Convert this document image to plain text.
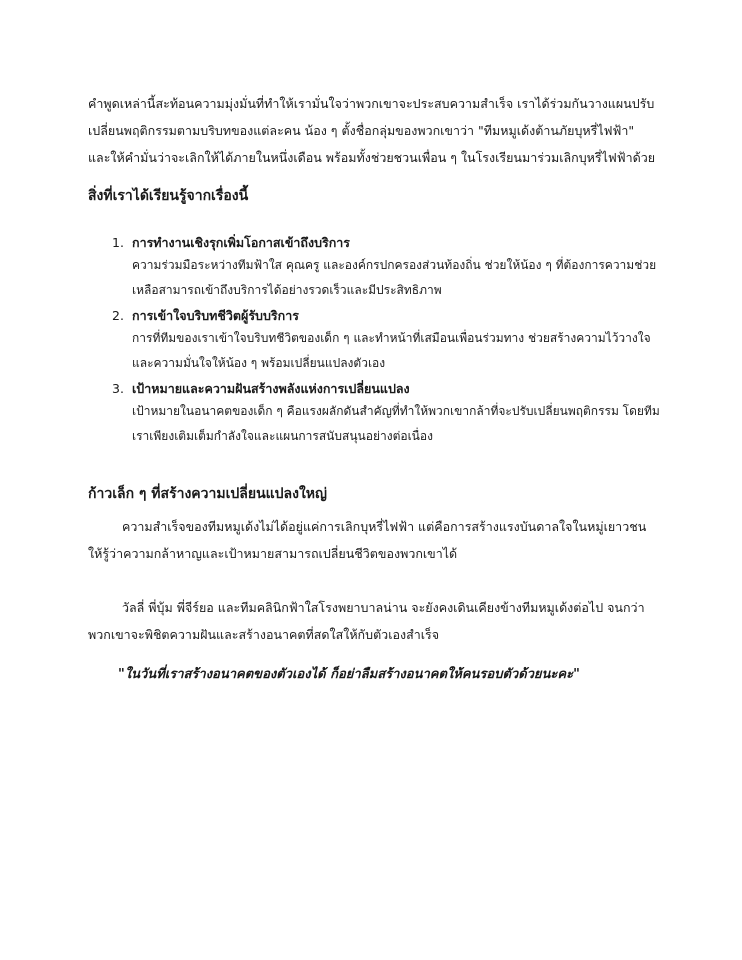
คำพูดเหล่านี้สะท้อนความมุ่งมั่นที่ทำให้เรามั่นใจว่าพวกเขาจะประสบความสำเร็จ เราได้ร่วมกันวางแผนปรับเปลี่ยนพฤติกรรมตามบริบทของแต่ละคน น้อง ๆ ตั้งชื่อกลุ่มของพวกเขาว่า "ทีมหมูเด้งต้านภัยบุหรี่ไฟฟ้า" และให้คำมั่นว่าจะเลิกให้ได้ภายในหนึ่งเดือน พร้อมทั้งช่วยชวนเพื่อน ๆ ในโรงเรียนมาร่วมเลิกบุหรี่ไฟฟ้าด้วย

สิ่งที่เราได้เรียนรู้จากเรื่องนี้
1. การทำงานเชิงรุกเพิ่มโอกาสเข้าถึงบริการ

ความร่วมมือระหว่างทีมฟ้าใส คุณครู และองค์กรปกครองส่วนท้องถิ่น ช่วยให้น้อง ๆ ที่ต้องการความช่วยเหลือสามารถเข้าถึงบริการได้อย่างรวดเร็วและมีประสิทธิภาพ

2. การเข้าใจบริบทชีวิตผู้รับบริการ

การที่ทีมของเราเข้าใจบริบทชีวิตของเด็ก ๆ และทำหน้าที่เสมือนเพื่อนร่วมทาง ช่วยสร้างความไว้วางใจและความมั่นใจให้น้อง ๆ พร้อมเปลี่ยนแปลงตัวเอง

3. เป้าหมายและความฝันสร้างพลังแห่งการเปลี่ยนแปลง

เป้าหมายในอนาคตของเด็ก ๆ คือแรงผลักดันสำคัญที่ทำให้พวกเขากล้าที่จะปรับเปลี่ยนพฤติกรรม โดยทีมเราเพียงเติมเต็มกำลังใจและแผนการสนับสนุนอย่างต่อเนื่อง

ก้าวเล็ก ๆ ที่สร้างความเปลี่ยนแปลงใหญ่

ความสำเร็จของทีมหมูเด้งไม่ได้อยู่แค่การเลิกบุหรี่ไฟฟ้า แต่คือการสร้างแรงบันดาลใจในหมู่เยาวชน ให้รู้ว่าความกล้าหาญและเป้าหมายสามารถเปลี่ยนชีวิตของพวกเขาได้

วัลลี่ พี่บุ้ม พี่จีร์ยอ และทีมคลินิกฟ้าใสโรงพยาบาลน่าน จะยังคงเดินเคียงข้างทีมหมูเด้งต่อไป จนกว่าพวกเขาจะพิชิตความฝันและสร้างอนาคตที่สดใสให้กับตัวเองสำเร็จ

"ในวันที่เราสร้างอนาคตของตัวเองได้ ก็อย่าลืมสร้างอนาคตให้คนรอบตัวด้วยนะคะ"
